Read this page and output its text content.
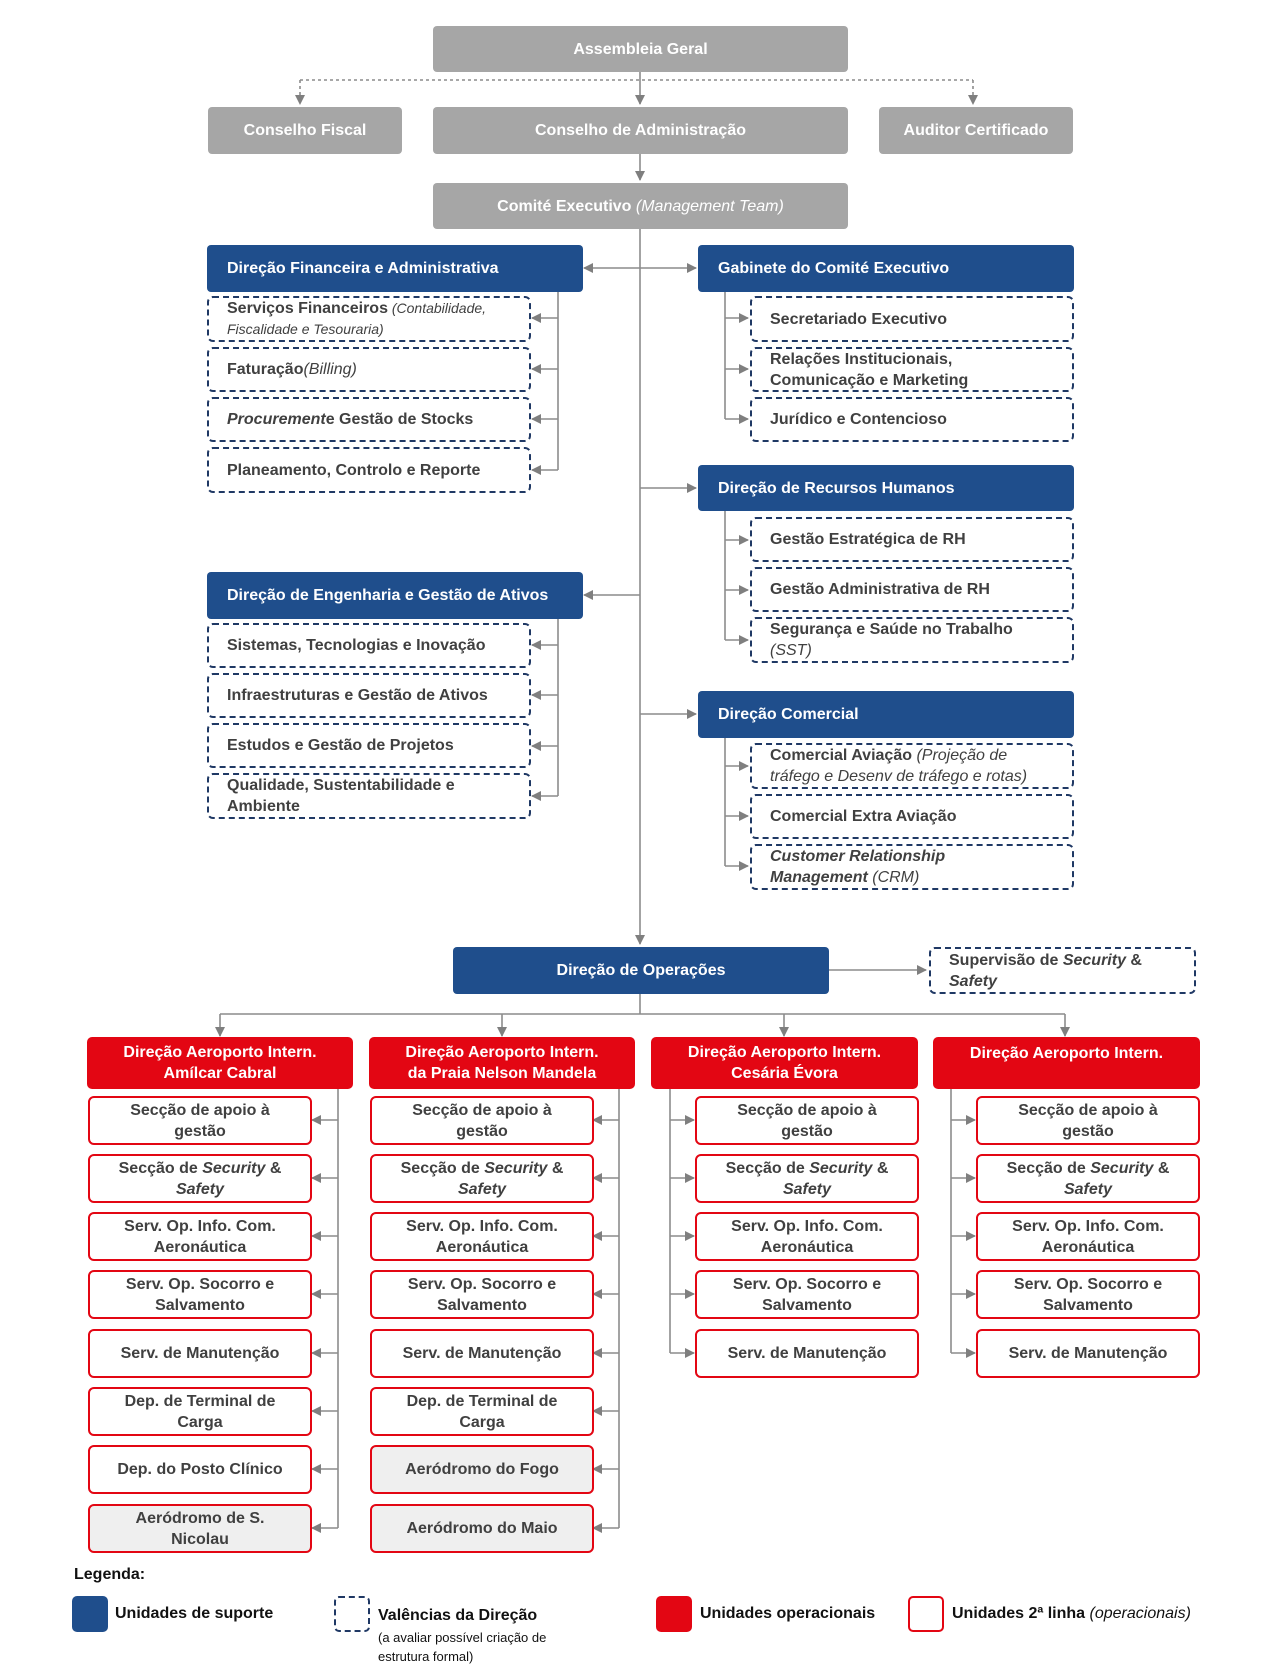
Assembleia Geral
Conselho Fiscal	Conselho de Administração	Auditor Certificado
Comité Executivo
(Management Team)
Direção Financeira e Administrativa
Serviços Financeiros (Contabilidade,
Fiscalidade e Tesouraria)
Faturação (Billing)
Procurement e Gestão de Stocks
Planeamento, Controlo e Reporte
Gabinete do Comité Executivo
Secretariado Executivo
Relações Institucionais,
Comunicação e Marketing
Jurídico e Contencioso
Direção de Recursos Humanos
Gestão Estratégica de RH
Gestão Administrativa de RH
Segurança e Saúde no Trabalho
(SST)
Direção de Engenharia e Gestão de Ativos
Sistemas, Tecnologias e Inovação
Infraestruturas e Gestão de Ativos
Estudos e Gestão de Projetos
Qualidade, Sustentabilidade e
Ambiente
Direção Comercial
Comercial Aviação (Projeção de
tráfego e Desenv de tráfego e rotas)
Comercial Extra Aviação
Customer Relationship
Management (CRM)
Direção de Operações
Supervisão de Security &
Safety
Direção Aeroporto Intern.
Amílcar Cabral
Direção Aeroporto Intern.
da Praia Nelson Mandela
Direção Aeroporto Intern.
Cesária Évora
Direção Aeroporto Intern.

Secção de apoio à
gestão
Secção de Security &
Safety
Serv. Op. Info. Com.
Aeronáutica
Serv. Op. Socorro e
Salvamento
Serv. de Manutenção
Dep. de Terminal de
Carga
Dep. do Posto Clínico
Aeródromo de S.
Nicolau
Secção de apoio à
gestão
Secção de Security &
Safety
Serv. Op. Info. Com.
Aeronáutica
Serv. Op. Socorro e
Salvamento
Serv. de Manutenção
Dep. de Terminal de
Carga
Aeródromo do Fogo
Aeródromo do Maio
Secção de apoio à
gestão
Secção de Security &
Safety
Serv. Op. Info. Com.
Aeronáutica
Serv. Op. Socorro e
Salvamento
Serv. de Manutenção
Secção de apoio à
gestão
Secção de Security &
Safety
Serv. Op. Info. Com.
Aeronáutica
Serv. Op. Socorro e
Salvamento
Serv. de Manutenção
Legenda:
Unidades de suporte	Valências da Direção
(a avaliar possível criação de
estrutura formal)
Unidades operacionais	Unidades 2ª linha (operacionais)
